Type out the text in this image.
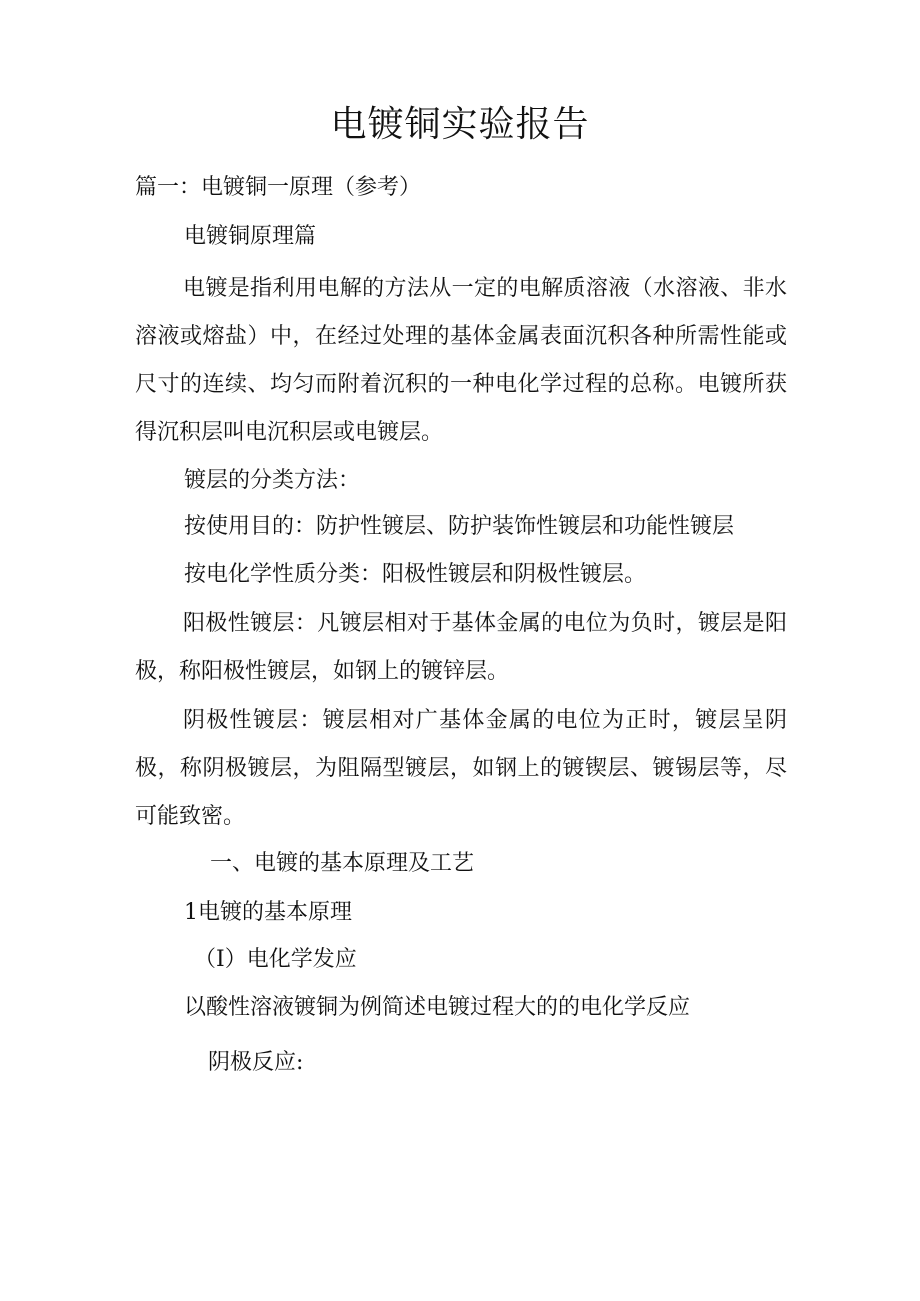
电镀铜实验报告
篇一：电镀铜一原理（参考）
电镀铜原理篇
电镀是指利用电解的方法从一定的电解质溶液（水溶液、非水溶液或熔盐）中，在经过处理的基体金属表面沉积各种所需性能或尺寸的连续、均匀而附着沉积的一种电化学过程的总称。电镀所获得沉积层叫电沉积层或电镀层。
镀层的分类方法：
按使用目的：防护性镀层、防护装饰性镀层和功能性镀层
按电化学性质分类：阳极性镀层和阴极性镀层。
阳极性镀层：凡镀层相对于基体金属的电位为负时，镀层是阳极，称阳极性镀层，如钢上的镀锌层。
阴极性镀层：镀层相对广基体金属的电位为正时，镀层呈阴极，称阴极镀层，为阻隔型镀层，如钢上的镀锲层、镀锡层等，尽可能致密。
一、电镀的基本原理及工艺
1电镀的基本原理
（I）电化学发应
以酸性溶液镀铜为例简述电镀过程大的的电化学反应
阴极反应:
